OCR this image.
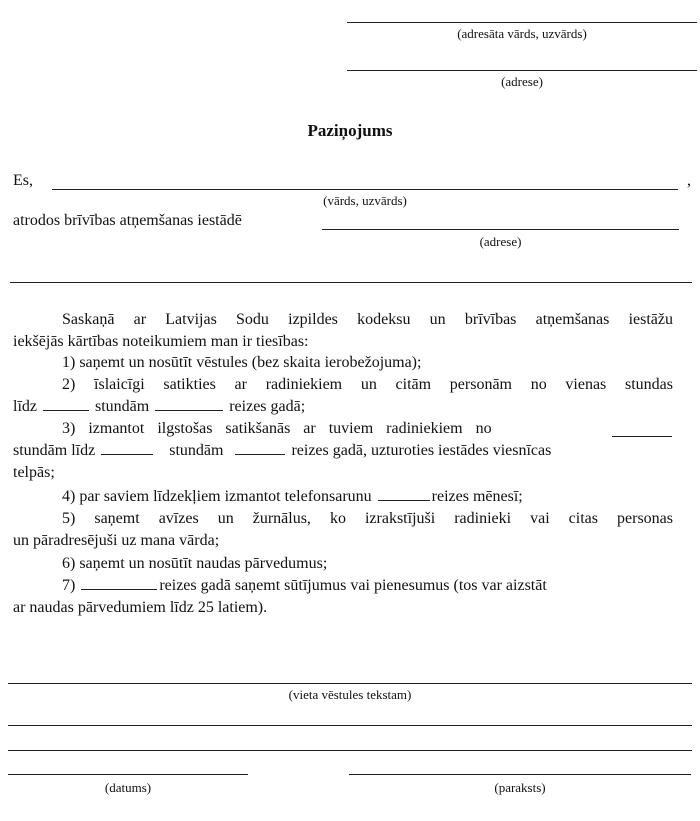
(adresāta vārds, uzvārds)
(adrese)
Paziņojums
Es,	,
(vārds, uzvārds)
atrodos brīvības atņemšanas iestādē
(adrese)
Saskaņā ar Latvijas Sodu izpildes kodeksu un brīvības atņemšanas iestāžu
iekšējās kārtības noteikumiem man ir tiesības:
1) saņemt un nosūtīt vēstules (bez skaita ierobežojuma);
2) īslaicīgi satikties ar radiniekiem un citām personām no vienas stundas
līdz	stundām	reizes gadā;
3) izmantot ilgstošas satikšanās ar tuviem radiniekiem no
stundām līdz	stundām	reizes gadā, uzturoties iestādes viesnīcas
telpās;
4) par saviem līdzekļiem izmantot telefonsarunu	reizes mēnesī;
5) saņemt avīzes un žurnālus, ko izrakstījuši radinieki vai citas personas
un pāradresējuši uz mana vārda;
6) saņemt un nosūtīt naudas pārvedumus;
7)	reizes gadā saņemt sūtījumus vai pienesumus (tos var aizstāt
ar naudas pārvedumiem līdz 25 latiem).
(vieta vēstules tekstam)
(datums)	(paraksts)
